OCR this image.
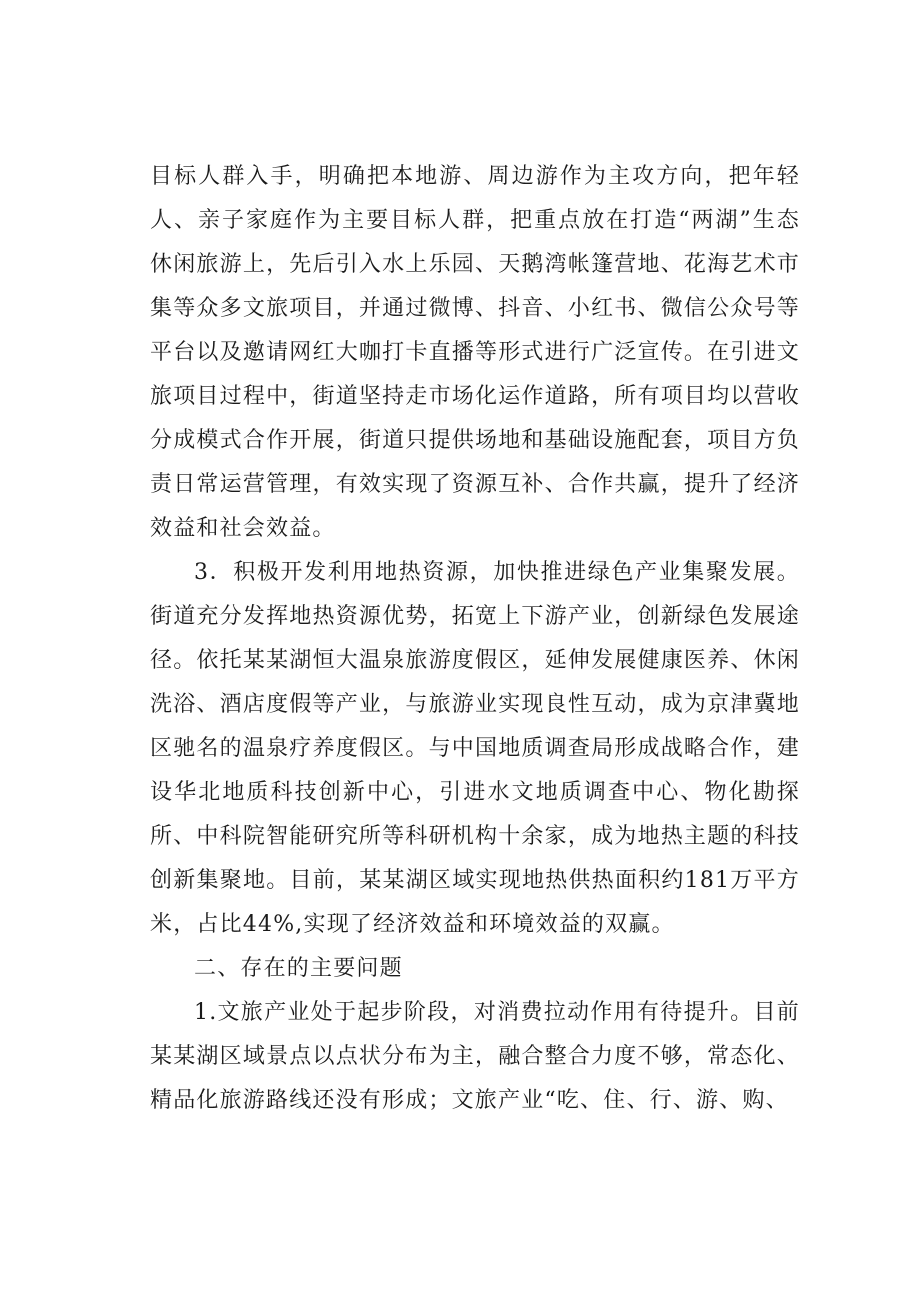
目标人群入手，明确把本地游、周边游作为主攻方向，把年轻人、亲子家庭作为主要目标人群，把重点放在打造“两湖”生态休闲旅游上，先后引入水上乐园、天鹅湾帐篷营地、花海艺术市集等众多文旅项目，并通过微博、抖音、小红书、微信公众号等平台以及邀请网红大咖打卡直播等形式进行广泛宣传。在引进文旅项目过程中，街道坚持走市场化运作道路，所有项目均以营收分成模式合作开展，街道只提供场地和基础设施配套，项目方负责日常运营管理，有效实现了资源互补、合作共赢，提升了经济效益和社会效益。

3．积极开发利用地热资源，加快推进绿色产业集聚发展。街道充分发挥地热资源优势，拓宽上下游产业，创新绿色发展途径。依托某某湖恒大温泉旅游度假区，延伸发展健康医养、休闲洗浴、酒店度假等产业，与旅游业实现良性互动，成为京津冀地区驰名的温泉疗养度假区。与中国地质调查局形成战略合作，建设华北地质科技创新中心，引进水文地质调查中心、物化勘探所、中科院智能研究所等科研机构十余家，成为地热主题的科技创新集聚地。目前，某某湖区域实现地热供热面积约181万平方米，占比44%,实现了经济效益和环境效益的双赢。

二、存在的主要问题

1.文旅产业处于起步阶段，对消费拉动作用有待提升。目前某某湖区域景点以点状分布为主，融合整合力度不够，常态化、精品化旅游路线还没有形成；文旅产业“吃、住、行、游、购、
